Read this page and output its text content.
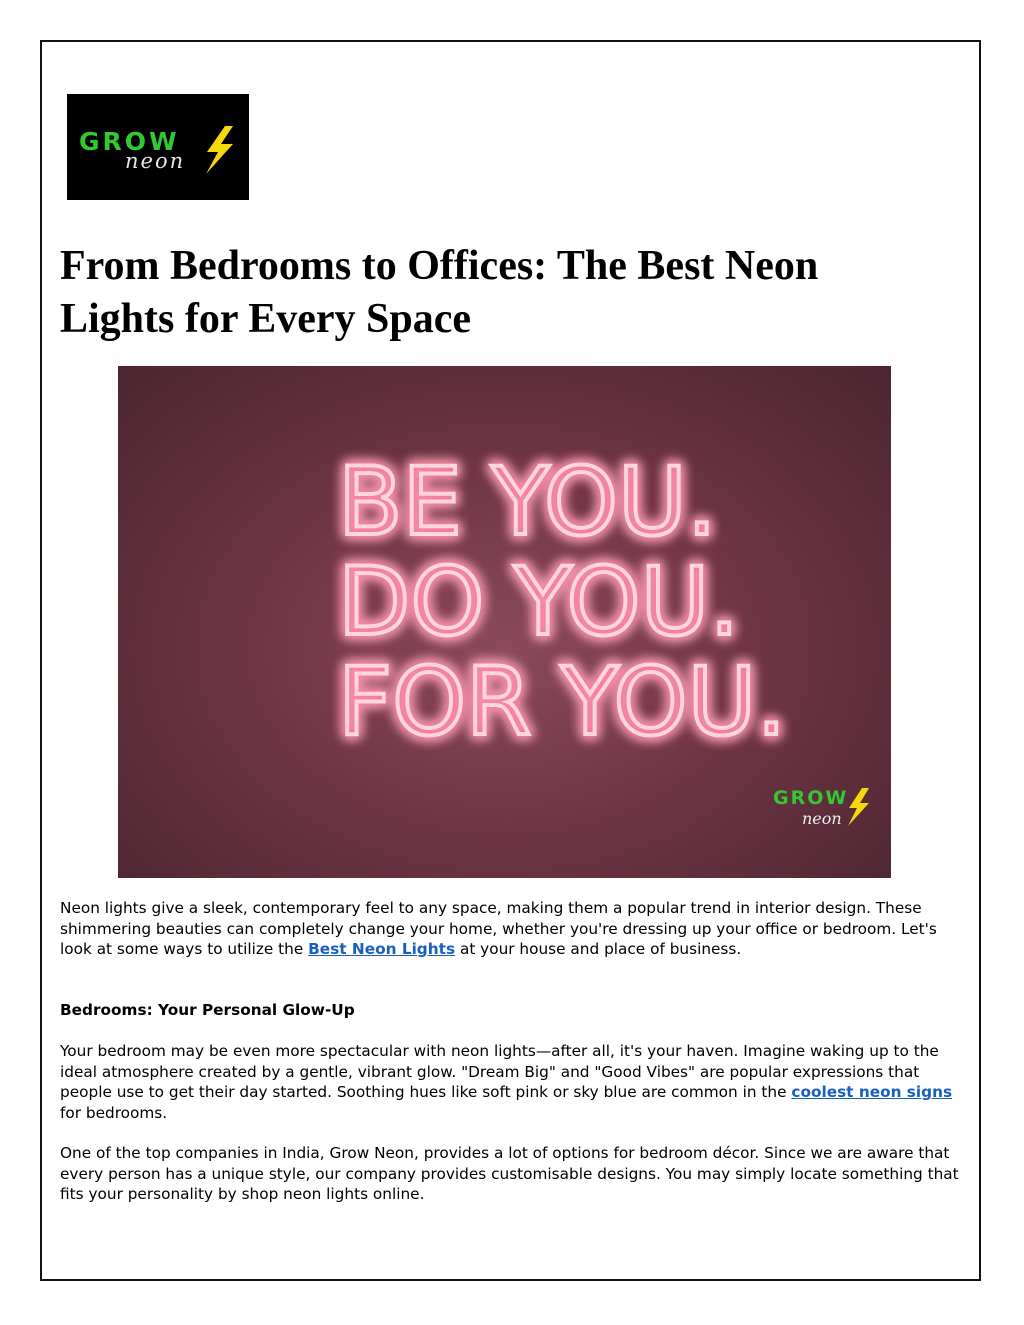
GROW
neon
From Bedrooms to Offices: The Best Neon Lights for Every Space
BE YOU.
DO YOU.
FOR YOU.
GROW
neon

Neon lights give a sleek, contemporary feel to any space, making them a popular trend in interior design. These shimmering beauties can completely change your home, whether you're dressing up your office or bedroom. Let's look at some ways to utilize the Best Neon Lights at your house and place of business.

Bedrooms: Your Personal Glow-Up

Your bedroom may be even more spectacular with neon lights—after all, it's your haven. Imagine waking up to the ideal atmosphere created by a gentle, vibrant glow. "Dream Big" and "Good Vibes" are popular expressions that people use to get their day started. Soothing hues like soft pink or sky blue are common in the coolest neon signs for bedrooms.

One of the top companies in India, Grow Neon, provides a lot of options for bedroom décor. Since we are aware that every person has a unique style, our company provides customisable designs. You may simply locate something that fits your personality by shop neon lights online.
